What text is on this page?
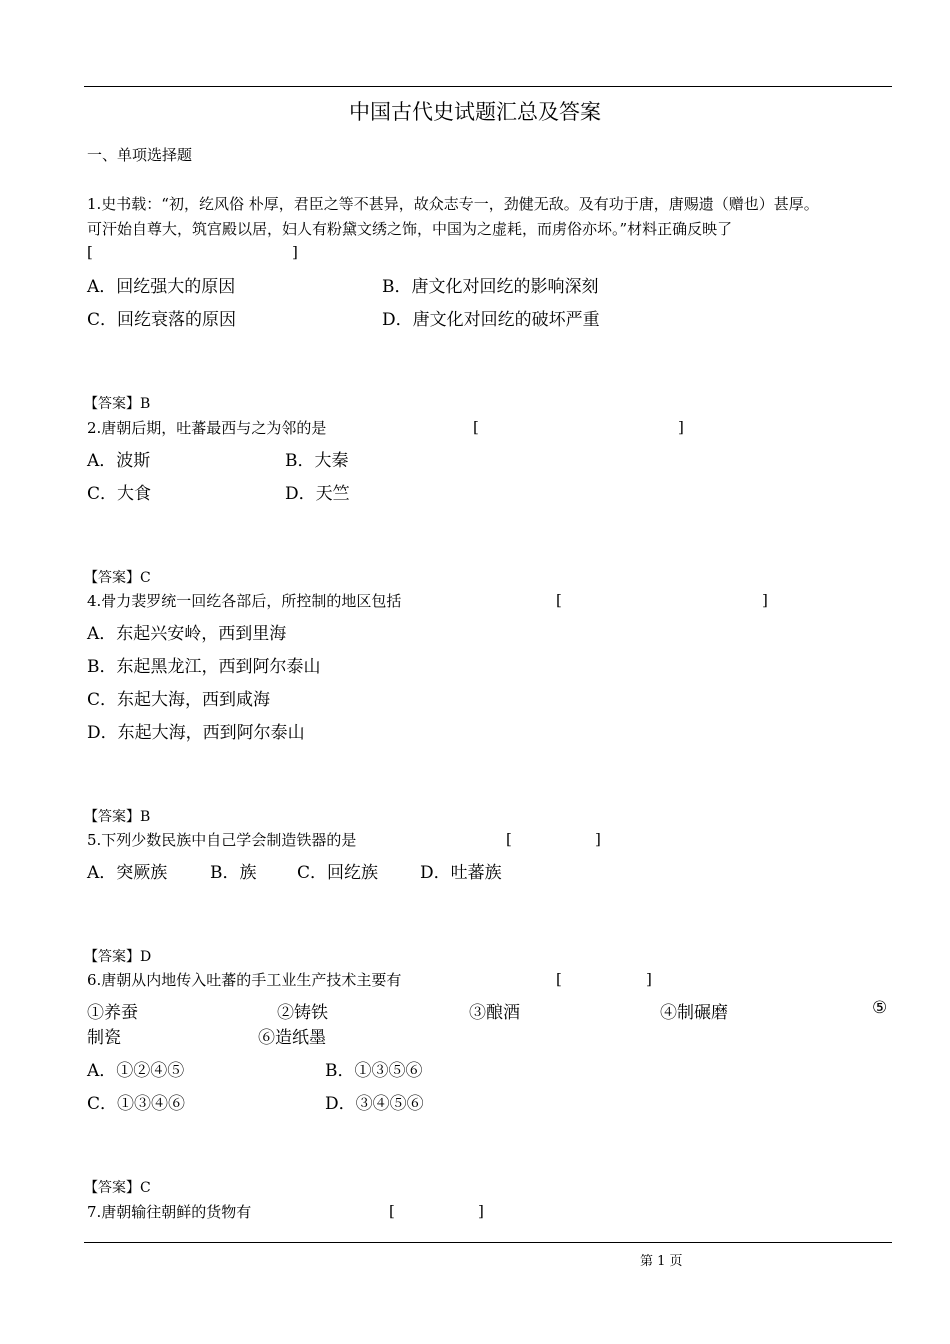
中国古代史试题汇总及答案
一、单项选择题
1.史书载：“初，纥风俗 朴厚，君臣之等不甚异，故众志专一，劲健无敌。及有功于唐，唐赐遗（赠也）甚厚。
可汗始自尊大，筑宫殿以居，妇人有粉黛文绣之饰，中国为之虚耗，而虏俗亦坏。”材料正确反映了
[	]
A．回纥强大的原因	B．唐文化对回纥的影响深刻
C．回纥衰落的原因	D．唐文化对回纥的破坏严重
【答案】B
2.唐朝后期，吐蕃最西与之为邻的是	[	]
A．波斯	B．大秦
C．大食	D．天竺
【答案】C
4.骨力裴罗统一回纥各部后，所控制的地区包括	[	]
A．东起兴安岭，西到里海
B．东起黑龙江，西到阿尔泰山
C．东起大海，西到咸海
D．东起大海，西到阿尔泰山
【答案】B
5.下列少数民族中自己学会制造铁器的是	[	]
A．突厥族	B．族 C．回纥族 D．吐蕃族
【答案】D
6.唐朝从内地传入吐蕃的手工业生产技术主要有	[	]
①养蚕	②铸铁	③酿酒	④制碾磨	⑤
制瓷	⑥造纸墨
A．①②④⑤	B．①③⑤⑥
C．①③④⑥	D．③④⑤⑥
【答案】C
7.唐朝输往朝鲜的货物有	[	]
第 1 页
